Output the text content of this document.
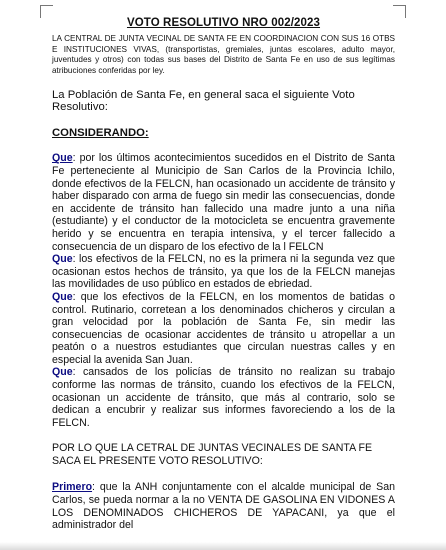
VOTO RESOLUTIVO NRO 002/2023

LA CENTRAL DE JUNTA VECINAL DE SANTA FE EN COORDINACION CON SUS 16 OTBS E INSTITUCIONES VIVAS, (transportistas, gremiales, juntas escolares, adulto mayor, juventudes y otros) con todas sus bases del Distrito de Santa Fe en uso de sus legítimas atribuciones conferidas por ley.

La Población de Santa Fe, en general saca el siguiente Voto Resolutivo:

CONSIDERANDO:

Que: por los últimos acontecimientos sucedidos en el Distrito de Santa Fe perteneciente al Municipio de San Carlos de la Provincia Ichilo, donde efectivos de la FELCN, han ocasionado un accidente de tránsito y haber disparado con arma de fuego sin medir las consecuencias, donde en accidente de tránsito han fallecido una madre junto a una niña (estudiante) y el conductor de la motocicleta se encuentra gravemente herido y se encuentra en terapia intensiva, y el tercer fallecido a consecuencia de un disparo de los efectivo de la l FELCN

Que: los efectivos de la FELCN, no es la primera ni la segunda vez que ocasionan estos hechos de tránsito, ya que los de la FELCN manejas las movilidades de uso público en estados de ebriedad.

Que: que los efectivos de la FELCN, en los momentos de batidas o control. Rutinario, corretean a los denominados chicheros y circulan a gran velocidad por la población de Santa Fe, sin medir las consecuencias de ocasionar accidentes de tránsito u atropellar a un peatón o a nuestros estudiantes que circulan nuestras calles y en especial la avenida San Juan.

Que: cansados de los policías de tránsito no realizan su trabajo conforme las normas de tránsito, cuando los efectivos de la FELCN, ocasionan un accidente de tránsito, que más al contrario, solo se dedican a encubrir y realizar sus informes favoreciendo a los de la FELCN.

POR LO QUE LA CETRAL DE JUNTAS VECINALES DE SANTA FE SACA EL PRESENTE VOTO RESOLUTIVO:

Primero: que la ANH conjuntamente con el alcalde municipal de San Carlos, se pueda normar a la no VENTA DE GASOLINA EN VIDONES A LOS DENOMINADOS CHICHEROS DE YAPACANI, ya que el administrador del
